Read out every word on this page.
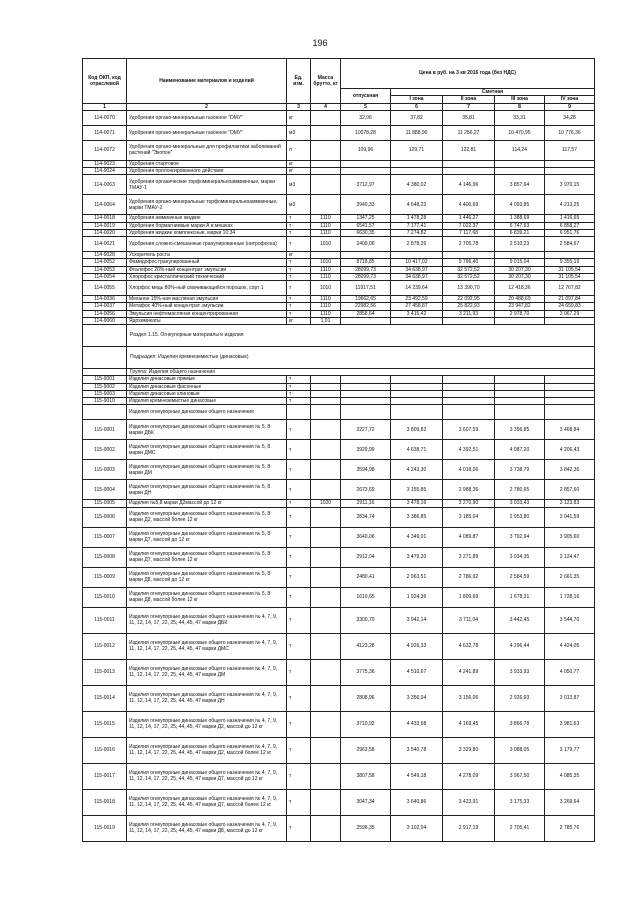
196
Код ОКП, код отраслевой	Наименование материалов и изделий	Ед. изм.	Масса брутто, кг	Цена в руб. на 3 кв 2016 года (без НДС)				
				отпускная	Сметная			
					I зона	II зона	III зона	IV зона
1	2	3	4	5	6	7	8	9
114-0070	Удобрения органо-минеральные газонное "ОМУ"	кг		32,06	37,82	35,81	33,31	34,28
114-0071	Удобрения органо-минеральные газонное "ОМУ"	м3		10078,28	11 888,90	11 256,27	10 470,95	10 776,36
114-0072	Удобрения органо-минеральные для профилактики заболеваний растений "Экопон"	л		109,96	129,71	122,81	114,24	117,57
114-9023	Удобрения стартовое	кг						
114-9024	Удобрения пролонгированного действия	кг						
114-0063	Удобрения органические торфоминеральноаммиачные, марки ТМАУ-1	м3		3712,97	4 380,02	4 146,96	3 857,64	3 970,15
114-0064	Удобрения органо-минеральные торфоминеральноаммиачные, марки ТМАУ-2	м3		3940,33	4 648,22	4 400,69	4 093,85	4 213,25
114-0018	Удобрения аммиачные жидкие	т	1110	1347,25	1 478,28	1 446,27	1 388,69	1 416,65
114-0019	Удобрения бормагниевые марки А в мешках	т	1110	6541,57	7 177,41	7 022,37	6 747,63	6 858,27
114-0020	Удобрения жидкие комплексные, марки 10:34	т	1110	6630,35	7 274,82	7 117,68	6 839,21	6 951,76
114-0021	Удобрения сложно-смешанные гранулированные (нитрофоска)	т	1010	2409,06	2 878,26	2 705,78	2 510,23	2 584,67
114-9028	Ускоритель роста	кг						
114-0052	Фамидофос гранулированный	т	1010	8718,85	10 417,02	9 796,40	9 015,04	9 355,19
114-0053	Фталофос 20%-ный концентрат эмульсии	т	1110	28099,73	34 638,97	32 572,52	30 207,30	31 105,54
114-0054	Хлорофос кристаллический технический	т	1110	28099,73	34 638,97	32 572,52	30 207,30	31 105,54
114-0055	Хлорфос медь 80%-ный смачивающийся порошок, сорт 1	т	1010	11917,51	14 239,64	13 390,70	12 418,36	12 767,82
114-0036	Механон 15%-ная масляная эмульсия	т	1110	19662,65	23 492,59	22 092,95	20 488,69	21 097,84
114-0037	Метафос 40%-ный концентрат эмульсии	т	1110	22982,56	27 458,87	25 822,93	23 947,82	24 659,83
114-0056	Эмульсия нефтемасляная концентрированная	т	1110	2858,64	3 415,42	3 211,93	2 978,70	3 067,29
114-9060	Ядохимикаты	кг	1,01					
	Раздел 1.15. Огнеупорные материалы и изделия							
	Подраздел: Изделия кремнеземистые (динасовые)							
	Группа: Изделия общего назначения							
115-9001	Изделия динасовые прямые	т						
115-9002	Изделия динасовые фасонные	т						
115-9003	Изделия динасовые клиновые	т						
115-9010	Изделия кремнеземистые динасовые	т						
	Изделия огнеупорные динасовые общего назначения							
115-0001	Изделия огнеупорные динасовые общего назначения № 5, 8 марки ДБК	т		3227,72	3 809,82	3 607,59	3 356,85	3 468,84
115-0002	Изделия огнеупорные динасовые общего назначения № 5, 8 марки ДМС	т		3929,99	4 638,71	4 392,51	4 087,20	4 206,43
115-0003	Изделия огнеупорные динасовые общего назначения № 5, 8 марки ДМ	т		3594,98	4 243,30	4 018,06	3 738,79	3 842,36
115-0004	Изделия огнеупорные динасовые общего назначения № 5, 8 марки ДН	т		2673,69	3 155,85	2 988,36	2 780,65	2 857,60
115-0005	Изделия №5,8 марки Д2массой до 12 кг	т	1020	2911,16	3 478,16	3 270,90	3 033,43	3 123,83
115-0006	Изделия огнеупорные динасовые общего назначения № 5, 8 марки Д2, массой более 12 кг	т		2834,74	3 386,85	3 185,04	2 953,80	3 041,59
115-0007	Изделия огнеупорные динасовые общего назначения № 5, 8 марки Д7, массой до 12 кг	т		3640,06	4 349,01	4 089,87	3 792,94	3 905,60
115-0008	Изделия огнеупорные динасовые общего назначения № 5, 8 марки Д7, массой более 12 кг	т		2912,04	3 479,20	3 271,89	3 034,35	3 124,47
115-0009	Изделия огнеупорные динасовые общего назначения № 5, 8 марки Д8, массой до 12 кг	т		2480,41	2 963,51	2 786,92	2 584,59	2 661,35
115-0010	Изделия огнеупорные динасовые общего назначения № 5, 8 марки Д8, массой более 12 кг	т		1610,65	1 924,36	1 809,69	1 678,31	1 728,16
115-0011	Изделия огнеупорные динасовые общего назначения № 4, 7, 9, 11, 12, 14, 17, 22, 25, 44, 45, 47 марки ДБК	т		3300,70	3 942,14	3 711,04	3 442,45	3 544,70
115-0012	Изделия огнеупорные динасовые общего назначения № 4, 7, 9, 11, 12, 14, 17, 22, 25, 44, 45, 47 марки ДМС	т		4123,28	4 926,33	4 632,78	4 296,44	4 424,05
115-0013	Изделия огнеупорные динасовые общего назначения № 4, 7, 9, 11, 12, 14, 17, 22, 25, 44, 45, 47 марки ДМ	т		3775,36	4 510,67	4 241,89	3 933,93	4 050,77
115-0014	Изделия огнеупорные динасовые общего назначения № 4, 7, 9, 11, 12, 14, 17, 22, 25, 44, 45, 47 марки ДН	т		2808,96	3 356,04	3 156,06	2 926,93	3 013,87
115-0015	Изделия огнеупорные динасовые общего назначения № 4, 7, 9, 11, 12, 14, 17, 22, 25, 44, 45, 47 марки Д2, массой до 12 кг	т		3710,92	4 433,68	4 169,45	3 866,78	3 981,63
115-0016	Изделия огнеупорные динасовые общего назначения № 4, 7, 9, 11, 12, 14, 17, 22, 25, 44, 45, 47 марки Д2, массой более 12 кг	т		2963,58	3 540,78	3 329,80	3 088,05	3 179,77
115-0017	Изделия огнеупорные динасовые общего назначения № 4, 7, 9, 11, 12, 14, 17, 22, 25, 44, 45, 47 марки Д7, массой до 12 кг	т		3807,58	4 549,18	4 278,09	3 967,50	4 085,35
115-0018	Изделия огнеупорные динасовые общего назначения № 4, 7, 9, 11, 12, 14, 17, 22, 25, 44, 45, 47 марки Д7, массой более 12 кг	т		3047,34	3 640,86	3 423,91	3 175,33	3 269,64
115-0019	Изделия огнеупорные динасовые общего назначения № 4, 7, 9, 11, 12, 14, 17, 22, 25, 44, 45, 47 марки Д8, массой до 12 кг	т		2596,35	3 102,04	2 917,19	2 705,41	2 785,76
